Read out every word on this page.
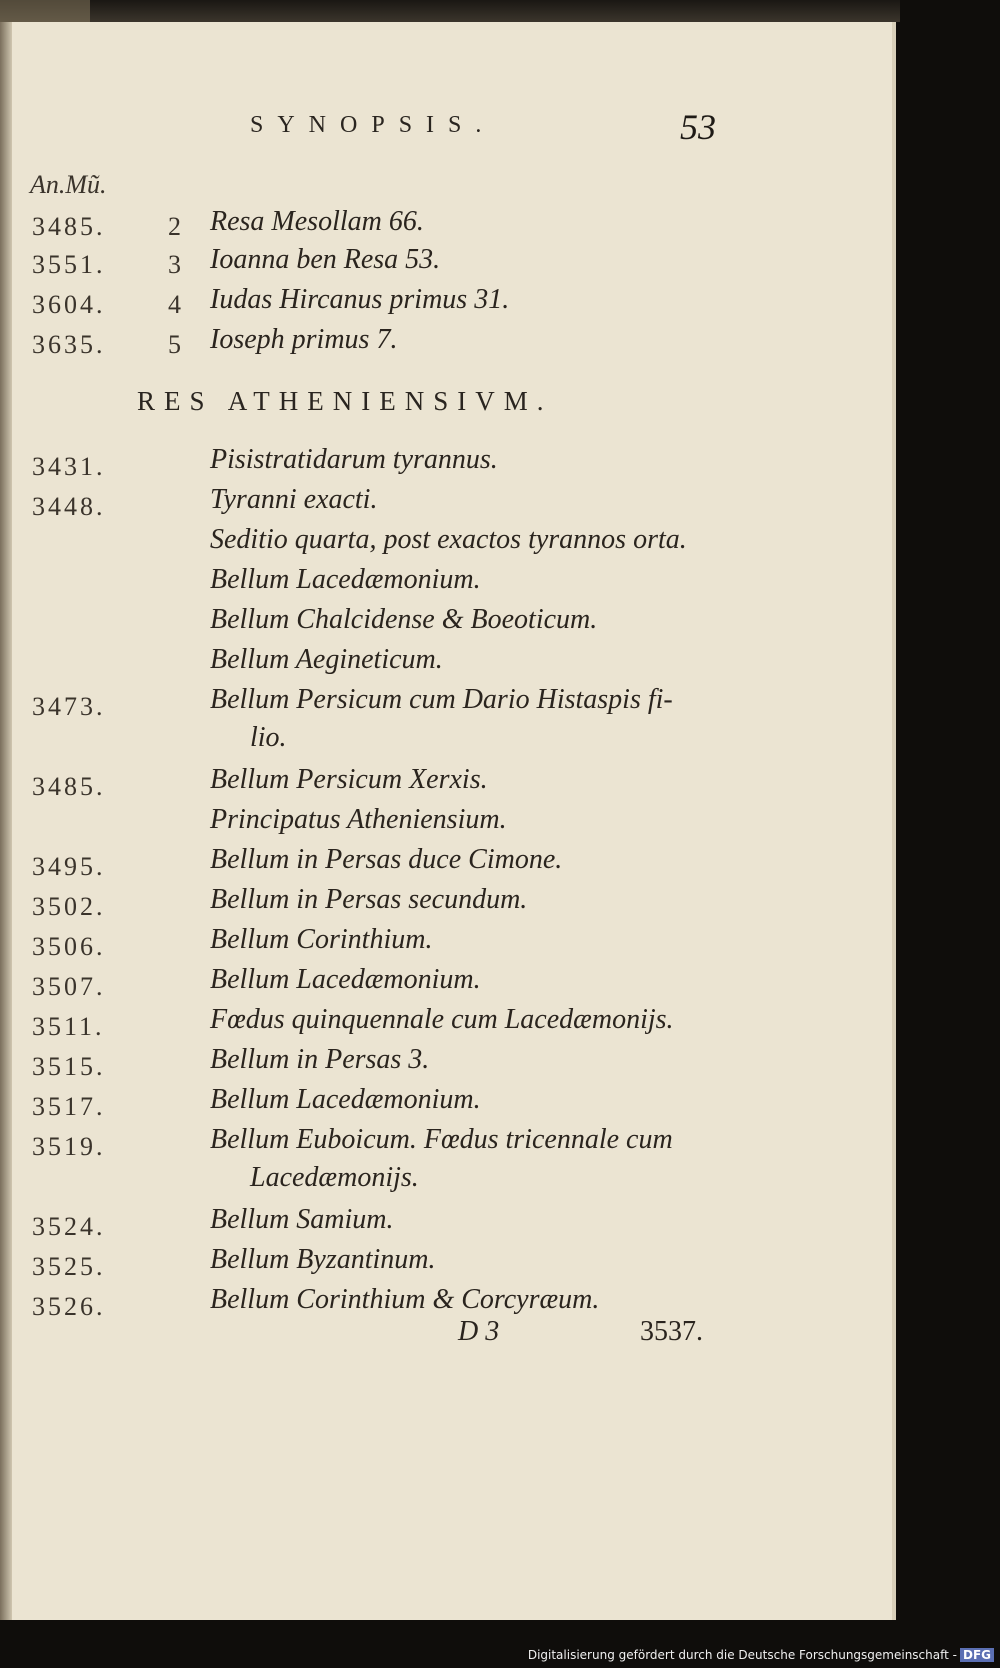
SYNOPSIS.	53
An.Mũ.
3485. 2 Resa Mesollam 66.
3551. 3 Ioanna ben Resa 53.
3604. 4 Iudas Hircanus primus 31.
3635. 5 Ioseph primus 7.
RES ATHENIENSIVM.
3431.	Pisistratidarum tyrannus.
3448.	Tyranni exacti.
Seditio quarta, post exactos tyrannos orta.
Bellum Lacedæmonium.
Bellum Chalcidense & Boeoticum.
Bellum Aegineticum.
3473.	Bellum Persicum cum Dario Histaspis fi-
lio.
3485.	Bellum Persicum Xerxis.
Principatus Atheniensium.
3495.	Bellum in Persas duce Cimone.
3502.	Bellum in Persas secundum.
3506.	Bellum Corinthium.
3507.	Bellum Lacedæmonium.
3511.	Fœdus quinquennale cum Lacedæmonijs.
3515.	Bellum in Persas 3.
3517.	Bellum Lacedæmonium.
3519.	Bellum Euboicum. Fœdus tricennale cum
Lacedæmonijs.
3524.	Bellum Samium.
3525.	Bellum Byzantinum.
3526.	Bellum Corinthium & Corcyræum.
D 3	3537.
Digitalisierung gefördert durch die Deutsche Forschungsgemeinschaft - DFG
